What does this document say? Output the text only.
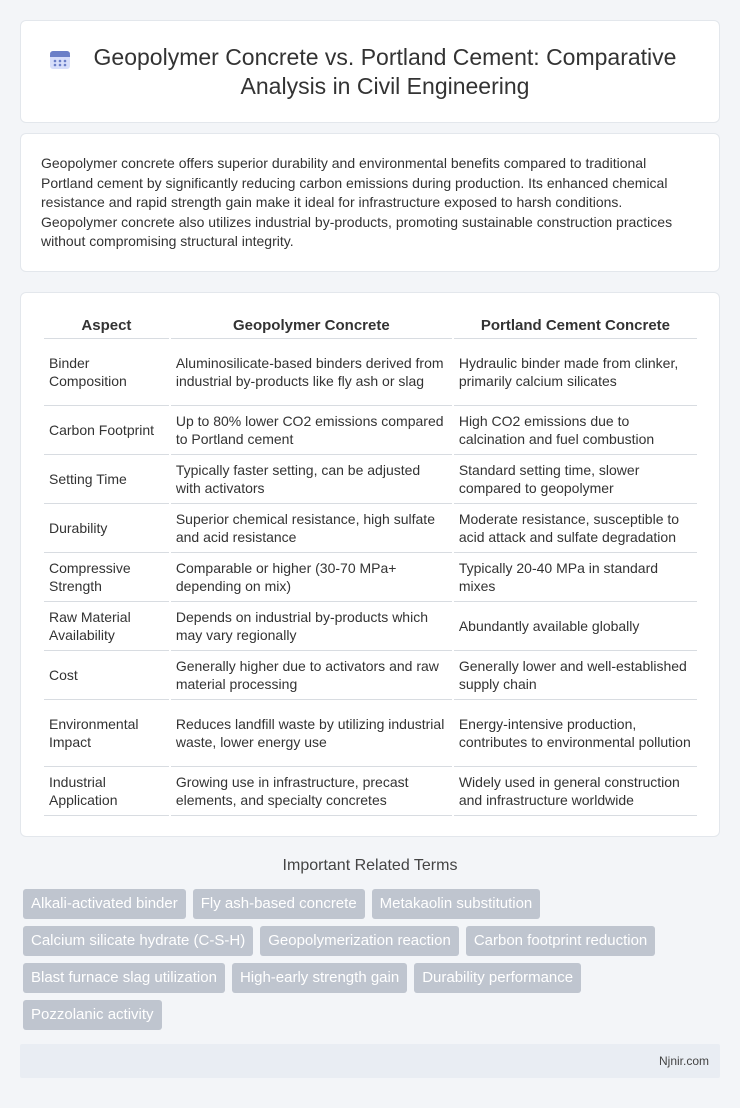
Geopolymer Concrete vs. Portland Cement: Comparative Analysis in Civil Engineering

Geopolymer concrete offers superior durability and environmental benefits compared to traditional Portland cement by significantly reducing carbon emissions during production. Its enhanced chemical resistance and rapid strength gain make it ideal for infrastructure exposed to harsh conditions. Geopolymer concrete also utilizes industrial by-products, promoting sustainable construction practices without compromising structural integrity.

Aspect	Geopolymer Concrete	Portland Cement Concrete
Binder Composition	Aluminosilicate-based binders derived from industrial by-products like fly ash or slag	Hydraulic binder made from clinker, primarily calcium silicates
Carbon Footprint	Up to 80% lower CO2 emissions compared to Portland cement	High CO2 emissions due to calcination and fuel combustion
Setting Time	Typically faster setting, can be adjusted with activators	Standard setting time, slower compared to geopolymer
Durability	Superior chemical resistance, high sulfate and acid resistance	Moderate resistance, susceptible to acid attack and sulfate degradation
Compressive Strength	Comparable or higher (30-70 MPa+ depending on mix)	Typically 20-40 MPa in standard mixes
Raw Material Availability	Depends on industrial by-products which may vary regionally	Abundantly available globally
Cost	Generally higher due to activators and raw material processing	Generally lower and well-established supply chain
Environmental Impact	Reduces landfill waste by utilizing industrial waste, lower energy use	Energy-intensive production, contributes to environmental pollution
Industrial Application	Growing use in infrastructure, precast elements, and specialty concretes	Widely used in general construction and infrastructure worldwide
Important Related Terms
Alkali-activated binder	Fly ash-based concrete	Metakaolin substitution
Calcium silicate hydrate (C-S-H)	Geopolymerization reaction	Carbon footprint reduction
Blast furnace slag utilization	High-early strength gain	Durability performance
Pozzolanic activity
Njnir.com
